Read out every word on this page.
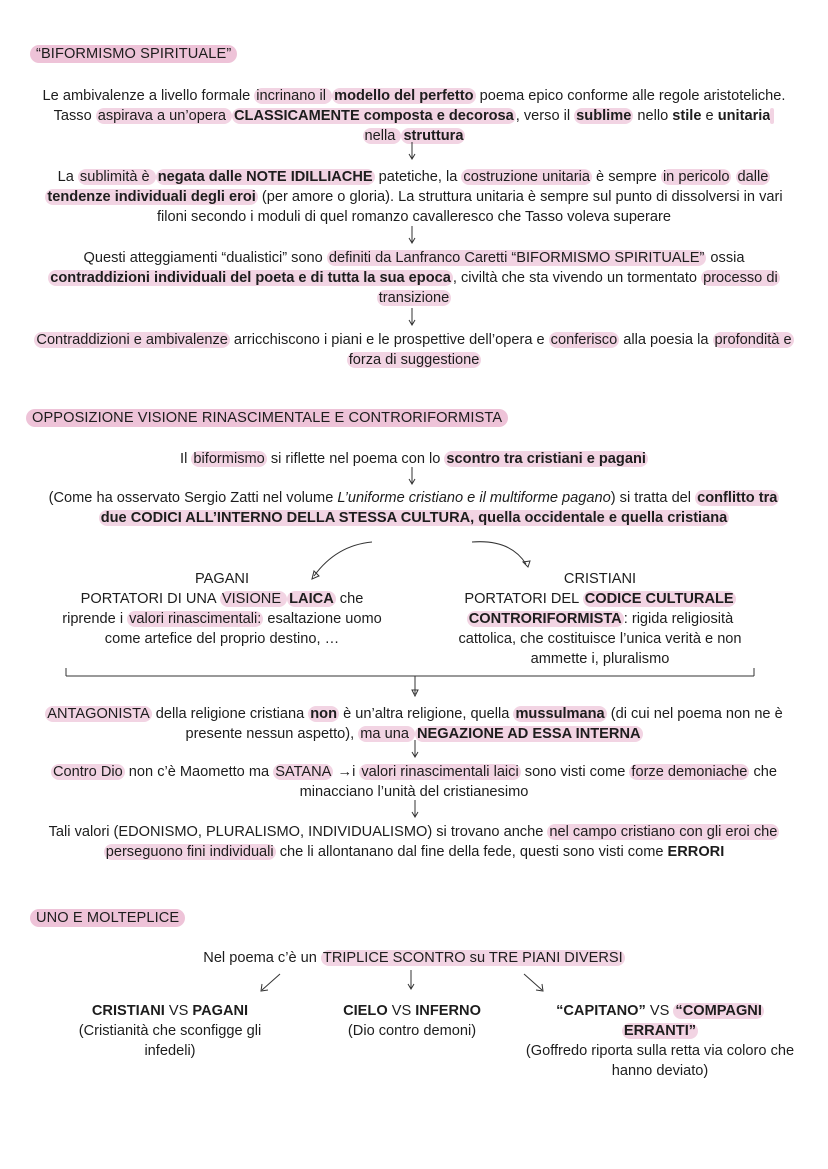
“BIFORMISMO SPIRITUALE”
Le ambivalenze a livello formale incrinano il modello del perfetto poema epico conforme alle regole aristoteliche. Tasso aspirava a un’opera CLASSICAMENTE composta e decorosa , verso il sublime nello stile e unitaria nella struttura
La sublimità è negata dalle NOTE IDILLIACHE patetiche, la costruzione unitaria è sempre in pericolo dalle tendenze individuali degli eroi (per amore o gloria). La struttura unitaria è sempre sul punto di dissolversi in vari filoni secondo i moduli di quel romanzo cavalleresco che Tasso voleva superare
Questi atteggiamenti “dualistici” sono definiti da Lanfranco Caretti “BIFORMISMO SPIRITUALE” ossia contraddizioni individuali del poeta e di tutta la sua epoca , civiltà che sta vivendo un tormentato processo di transizione
Contraddizioni e ambivalenze arricchiscono i piani e le prospettive dell’opera e conferisco alla poesia la profondità e forza di suggestione
OPPOSIZIONE VISIONE RINASCIMENTALE E CONTRORIFORMISTA
Il biformismo si riflette nel poema con lo scontro tra cristiani e pagani
(Come ha osservato Sergio Zatti nel volume L’uniforme cristiano e il multiforme pagano) si tratta del conflitto tra due CODICI ALL’INTERNO DELLA STESSA CULTURA, quella occidentale e quella cristiana
PAGANI
PORTATORI DI UNA VISIONE LAICA che riprende i valori rinascimentali: esaltazione uomo come artefice del proprio destino, …
CRISTIANI
PORTATORI DEL CODICE CULTURALE CONTRORIFORMISTA : rigida religiosità cattolica, che costituisce l’unica verità e non ammette i, pluralismo
ANTAGONISTA della religione cristiana non è un’altra religione, quella mussulmana (di cui nel poema non ne è presente nessun aspetto), ma una NEGAZIONE AD ESSA INTERNA
Contro Dio non c’è Maometto ma SATANA →i valori rinascimentali laici sono visti come forze demoniache che minacciano l’unità del cristianesimo
Tali valori (EDONISMO, PLURALISMO, INDIVIDUALISMO) si trovano anche nel campo cristiano con gli eroi che perseguono fini individuali che li allontanano dal fine della fede, questi sono visti come ERRORI
UNO E MOLTEPLICE
Nel poema c’è un TRIPLICE SCONTRO su TRE PIANI DIVERSI
CRISTIANI VS PAGANI
(Cristianità che sconfigge gli infedeli)
CIELO VS INFERNO
(Dio contro demoni)
“CAPITANO” VS “COMPAGNI ERRANTI”
(Goffredo riporta sulla retta via coloro che hanno deviato)
